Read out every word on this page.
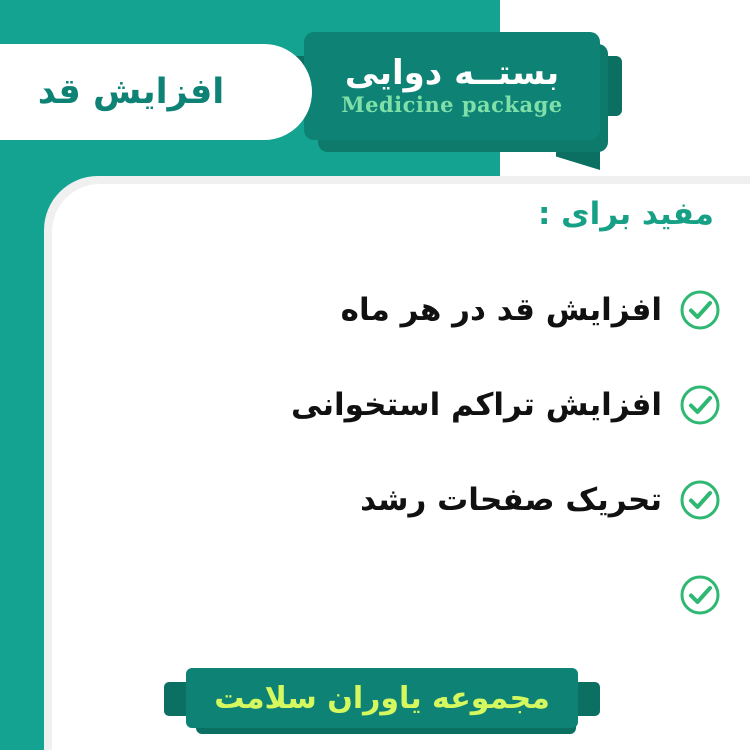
بستــه دوایی
Medicine package
افزایش قد
مفید برای :
افزایش قد در هر ماه
افزایش تراکم استخوانی
تحریک صفحات رشد
مجموعه یاوران سلامت
